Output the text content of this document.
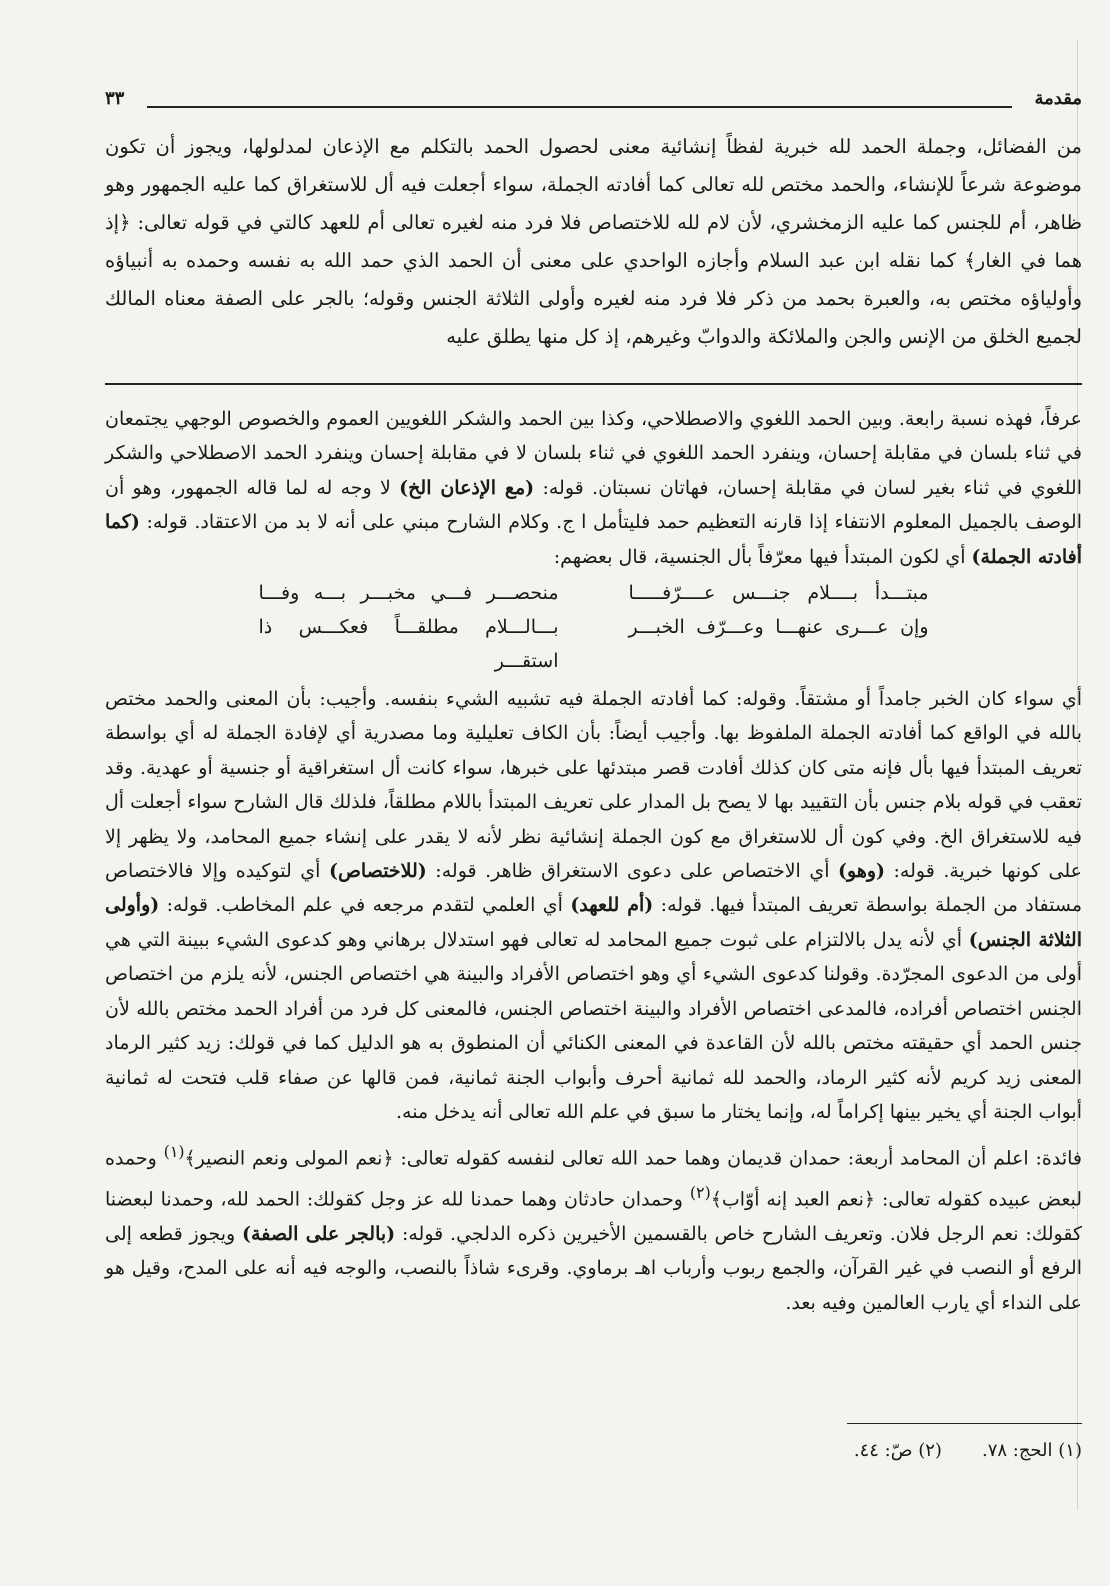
مقدمة
٣٣

من الفضائل، وجملة الحمد لله خبرية لفظاً إنشائية معنى لحصول الحمد بالتكلم مع الإذعان لمدلولها، ويجوز أن تكون موضوعة شرعاً للإنشاء، والحمد مختص لله تعالى كما أفادته الجملة، سواء أجعلت فيه أل للاستغراق كما عليه الجمهور وهو ظاهر، أم للجنس كما عليه الزمخشري، لأن لام لله للاختصاص فلا فرد منه لغيره تعالى أم للعهد كالتي في قوله تعالى: ﴿إذ هما في الغار﴾ كما نقله ابن عبد السلام وأجازه الواحدي على معنى أن الحمد الذي حمد الله به نفسه وحمده به أنبياؤه وأولياؤه مختص به، والعبرة بحمد من ذكر فلا فرد منه لغيره وأولى الثلاثة الجنس وقوله؛ بالجر على الصفة معناه المالك لجميع الخلق من الإنس والجن والملائكة والدوابّ وغيرهم، إذ كل منها يطلق عليه

عرفاً، فهذه نسبة رابعة. وبين الحمد اللغوي والاصطلاحي، وكذا بين الحمد والشكر اللغويين العموم والخصوص الوجهي يجتمعان في ثناء بلسان في مقابلة إحسان، وينفرد الحمد اللغوي في ثناء بلسان لا في مقابلة إحسان وينفرد الحمد الاصطلاحي والشكر اللغوي في ثناء بغير لسان في مقابلة إحسان، فهاتان نسبتان. قوله: (مع الإذعان الخ) لا وجه له لما قاله الجمهور، وهو أن الوصف بالجميل المعلوم الانتفاء إذا قارنه التعظيم حمد فليتأمل ا ج. وكلام الشارح مبني على أنه لا بد من الاعتقاد. قوله: (كما أفادته الجملة) أي لكون المبتدأ فيها معرّفاً بأل الجنسية، قال بعضهم:

مبتـــدأ بــــلام جنـــس عــــرّفـــــا
منحصـــر فـــي مخبـــر بـــه وفـــا
وإن عـــرى عنهـــا وعـــرّف الخبـــر
بـــالـــلام مطلقـــاً فعكـــس ذا استقـــر

أي سواء كان الخبر جامداً أو مشتقاً. وقوله: كما أفادته الجملة فيه تشبيه الشيء بنفسه. وأجيب: بأن المعنى والحمد مختص بالله في الواقع كما أفادته الجملة الملفوظ بها. وأجيب أيضاً: بأن الكاف تعليلية وما مصدرية أي لإفادة الجملة له أي بواسطة تعريف المبتدأ فيها بأل فإنه متى كان كذلك أفادت قصر مبتدئها على خبرها، سواء كانت أل استغراقية أو جنسية أو عهدية. وقد تعقب في قوله بلام جنس بأن التقييد بها لا يصح بل المدار على تعريف المبتدأ باللام مطلقاً، فلذلك قال الشارح سواء أجعلت أل فيه للاستغراق الخ. وفي كون أل للاستغراق مع كون الجملة إنشائية نظر لأنه لا يقدر على إنشاء جميع المحامد، ولا يظهر إلا على كونها خبرية. قوله: (وهو) أي الاختصاص على دعوى الاستغراق ظاهر. قوله: (للاختصاص) أي لتوكيده وإلا فالاختصاص مستفاد من الجملة بواسطة تعريف المبتدأ فيها. قوله: (أم للعهد) أي العلمي لتقدم مرجعه في علم المخاطب. قوله: (وأولى الثلاثة الجنس) أي لأنه يدل بالالتزام على ثبوت جميع المحامد له تعالى فهو استدلال برهاني وهو كدعوى الشيء ببينة التي هي أولى من الدعوى المجرّدة. وقولنا كدعوى الشيء أي وهو اختصاص الأفراد والبينة هي اختصاص الجنس، لأنه يلزم من اختصاص الجنس اختصاص أفراده، فالمدعى اختصاص الأفراد والبينة اختصاص الجنس، فالمعنى كل فرد من أفراد الحمد مختص بالله لأن جنس الحمد أي حقيقته مختص بالله لأن القاعدة في المعنى الكنائي أن المنطوق به هو الدليل كما في قولك: زيد كثير الرماد المعنى زيد كريم لأنه كثير الرماد، والحمد لله ثمانية أحرف وأبواب الجنة ثمانية، فمن قالها عن صفاء قلب فتحت له ثمانية أبواب الجنة أي يخير بينها إكراماً له، وإنما يختار ما سبق في علم الله تعالى أنه يدخل منه.

فائدة: اعلم أن المحامد أربعة: حمدان قديمان وهما حمد الله تعالى لنفسه كقوله تعالى: ﴿نعم المولى ونعم النصير﴾$^{(١)}$ وحمده لبعض عبيده كقوله تعالى: ﴿نعم العبد إنه أوّاب﴾$^{(٢)}$ وحمدان حادثان وهما حمدنا لله عز وجل كقولك: الحمد لله، وحمدنا لبعضنا كقولك: نعم الرجل فلان. وتعريف الشارح خاص بالقسمين الأخيرين ذكره الدلجي. قوله: (بالجر على الصفة) ويجوز قطعه إلى الرفع أو النصب في غير القرآن، والجمع ربوب وأرباب اهـ برماوي. وقرىء شاذاً بالنصب، والوجه فيه أنه على المدح، وقيل هو على النداء أي يارب العالمين وفيه بعد.

(١) الحج: ٧٨.
(٢) صّ: ٤٤.
